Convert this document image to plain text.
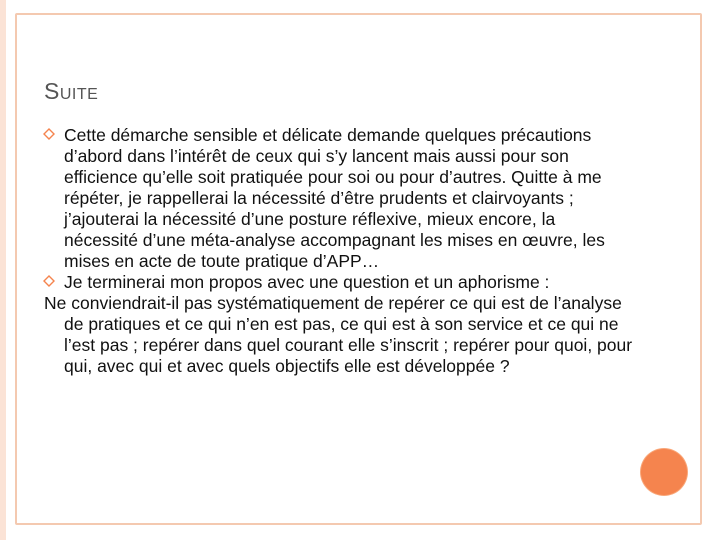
Suite
Cette démarche sensible et délicate demande quelques précautions d’abord dans l’intérêt de ceux qui s’y lancent mais aussi pour son efficience qu’elle soit pratiquée pour soi ou pour d’autres. Quitte à me répéter, je rappellerai la nécessité d’être prudents et clairvoyants ; j’ajouterai la nécessité d’une posture réflexive, mieux encore, la nécessité d’une méta-analyse accompagnant les mises en œuvre, les mises en acte de toute pratique d’APP…
Je terminerai mon propos avec une question et un aphorisme :
Ne conviendrait-il pas systématiquement de repérer ce qui est de l’analyse de pratiques et ce qui n’en est pas, ce qui est à son service et ce qui ne l’est pas ; repérer dans quel courant elle s’inscrit ; repérer pour quoi, pour qui, avec qui et avec quels objectifs elle est développée ?
